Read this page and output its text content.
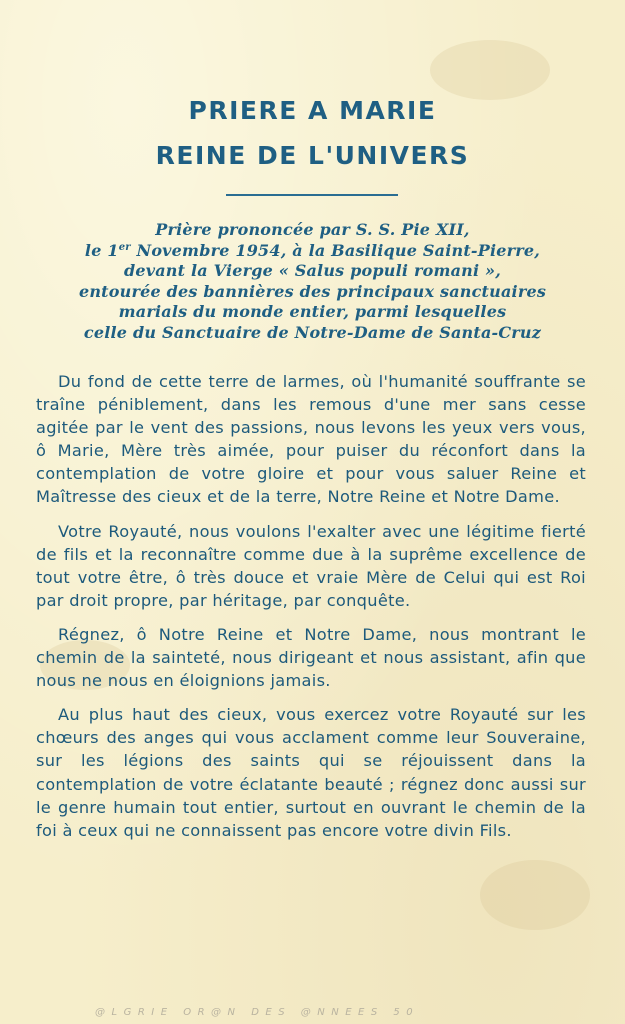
PRIERE A MARIE
REINE DE L'UNIVERS
Prière prononcée par S. S. Pie XII,
le 1er Novembre 1954, à la Basilique Saint-Pierre,
devant la Vierge « Salus populi romani »,
entourée des bannières des principaux sanctuaires
marials du monde entier, parmi lesquelles
celle du Sanctuaire de Notre-Dame de Santa-Cruz

Du fond de cette terre de larmes, où l'humanité souffrante se traîne péniblement, dans les remous d'une mer sans cesse agitée par le vent des passions, nous levons les yeux vers vous, ô Marie, Mère très aimée, pour puiser du réconfort dans la contemplation de votre gloire et pour vous saluer Reine et Maîtresse des cieux et de la terre, Notre Reine et Notre Dame.

Votre Royauté, nous voulons l'exalter avec une légitime fierté de fils et la reconnaître comme due à la suprême excellence de tout votre être, ô très douce et vraie Mère de Celui qui est Roi par droit propre, par héritage, par conquête.

Régnez, ô Notre Reine et Notre Dame, nous montrant le chemin de la sainteté, nous dirigeant et nous assistant, afin que nous ne nous en éloignions jamais.

Au plus haut des cieux, vous exercez votre Royauté sur les chœurs des anges qui vous acclament comme leur Souveraine, sur les légions des saints qui se réjouissent dans la contemplation de votre éclatante beauté ; régnez donc aussi sur le genre humain tout entier, surtout en ouvrant le chemin de la foi à ceux qui ne connaissent pas encore votre divin Fils.

@LGRIE OR@N DES @NNEES 50
